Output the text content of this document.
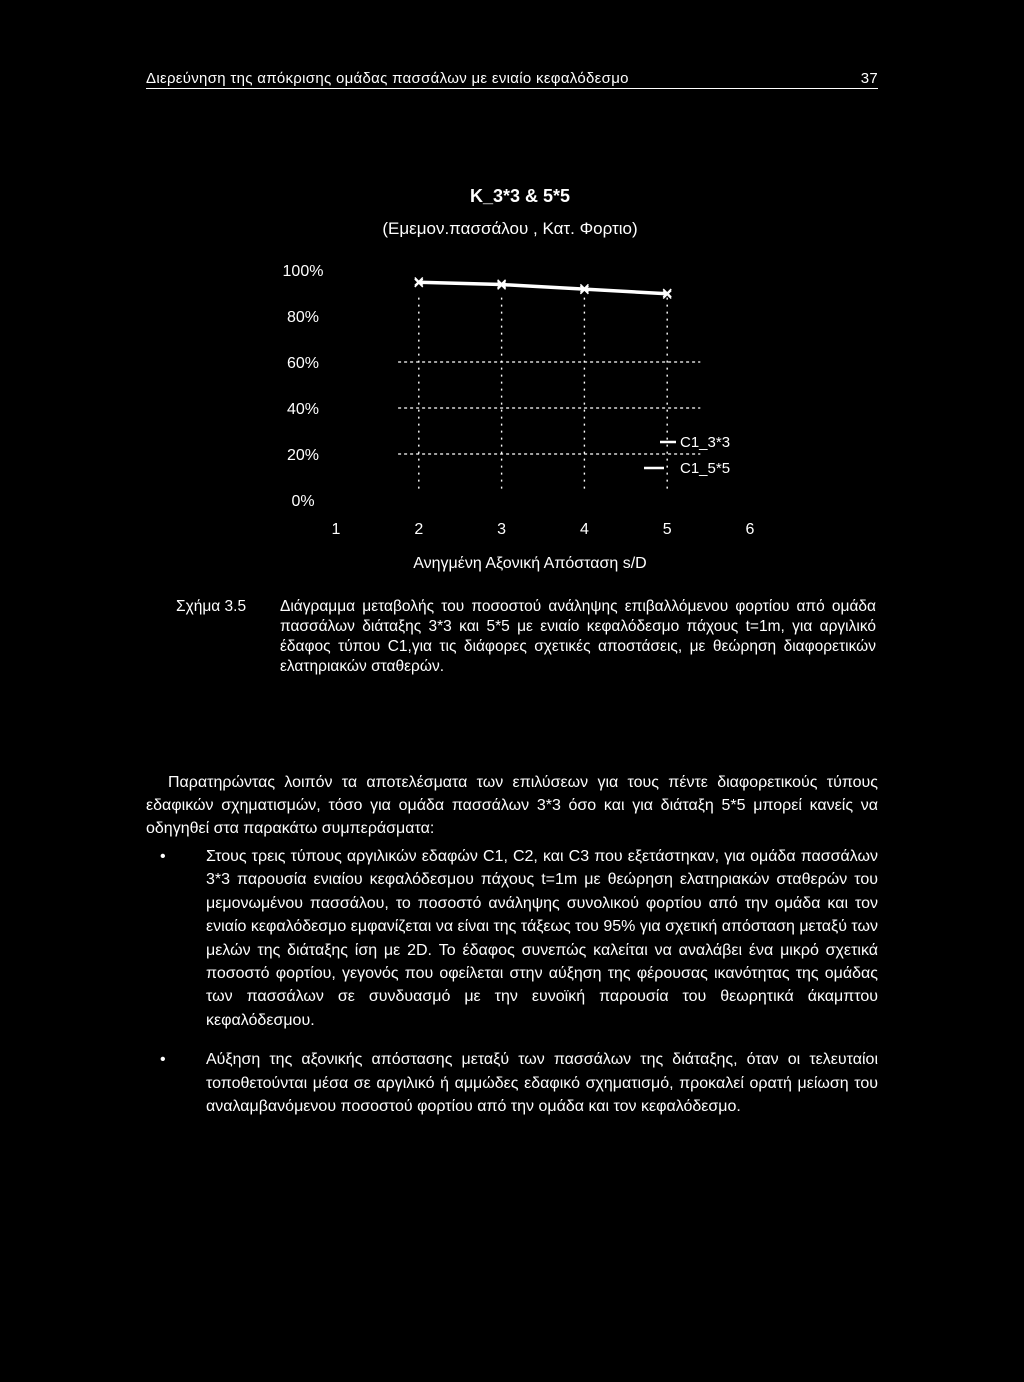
Διερεύνηση της απόκρισης ομάδας πασσάλων με ενιαίο κεφαλόδεσμο	37
K_3*3 & 5*5
(Εμεμον.πασσάλου , Κατ. Φορτιο)
0%
20%
40%
60%
80%
100%
1	2	3	4	5	6
C1_3*3
C1_5*5
Ανηγμένη Αξονική Απόσταση s/D
Σχήμα 3.5	Διάγραμμα μεταβολής του ποσοστού ανάληψης επιβαλλόμενου φορτίου από ομάδα πασσάλων διάταξης 3*3 και 5*5 με ενιαίο κεφαλόδεσμο πάχους t=1m, για αργιλικό έδαφος τύπου C1,για τις διάφορες σχετικές αποστάσεις, με θεώρηση διαφορετικών ελατηριακών σταθερών.

Παρατηρώντας λοιπόν τα αποτελέσματα των επιλύσεων για τους πέντε διαφορετικούς τύπους εδαφικών σχηματισμών, τόσο για ομάδα πασσάλων 3*3 όσο και για διάταξη 5*5 μπορεί κανείς να οδηγηθεί στα παρακάτω συμπεράσματα:

• Στους τρεις τύπους αργιλικών εδαφών C1, C2, και C3 που εξετάστηκαν, για ομάδα πασσάλων 3*3 παρουσία ενιαίου κεφαλόδεσμου πάχους t=1m με θεώρηση ελατηριακών σταθερών του μεμονωμένου πασσάλου, το ποσοστό ανάληψης συνολικού φορτίου από την ομάδα και τον ενιαίο κεφαλόδεσμο εμφανίζεται να είναι της τάξεως του 95% για σχετική απόσταση μεταξύ των μελών της διάταξης ίση με 2D. Το έδαφος συνεπώς καλείται να αναλάβει ένα μικρό σχετικά ποσοστό φορτίου, γεγονός που οφείλεται στην αύξηση της φέρουσας ικανότητας της ομάδας των πασσάλων σε συνδυασμό με την ευνοϊκή παρουσία του θεωρητικά άκαμπτου κεφαλόδεσμου.
• Αύξηση της αξονικής απόστασης μεταξύ των πασσάλων της διάταξης, όταν οι τελευταίοι τοποθετούνται μέσα σε αργιλικό ή αμμώδες εδαφικό σχηματισμό, προκαλεί ορατή μείωση του αναλαμβανόμενου ποσοστού φορτίου από την ομάδα και τον κεφαλόδεσμο.
